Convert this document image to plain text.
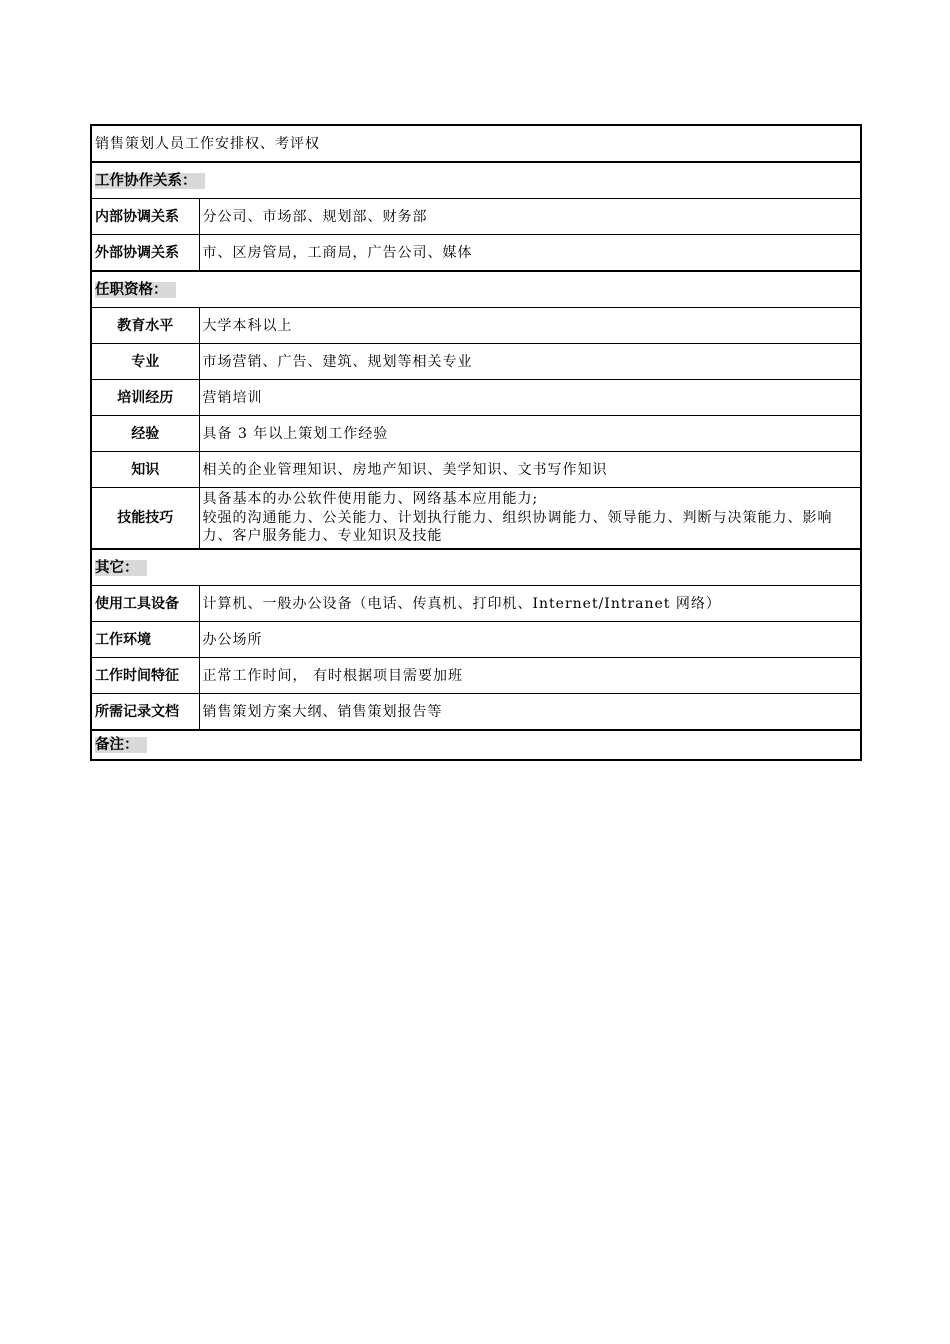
销售策划人员工作安排权、考评权	
工作协作关系：	
内部协调关系	分公司、市场部、规划部、财务部
外部协调关系	市、区房管局，工商局，广告公司、媒体
任职资格：	
教育水平	大学本科以上
专业	市场营销、广告、建筑、规划等相关专业
培训经历	营销培训
经验	具备 3 年以上策划工作经验
知识	相关的企业管理知识、房地产知识、美学知识、文书写作知识
技能技巧	具备基本的办公软件使用能力、网络基本应用能力;
较强的沟通能力、公关能力、计划执行能力、组织协调能力、领导能力、判断与决策能力、影响力、客户服务能力、专业知识及技能

其它：	
使用工具设备	计算机、一般办公设备（电话、传真机、打印机、Internet/Intranet 网络）
工作环境	办公场所
工作时间特征	正常工作时间， 有时根据项目需要加班
所需记录文档	销售策划方案大纲、销售策划报告等
备注：	
